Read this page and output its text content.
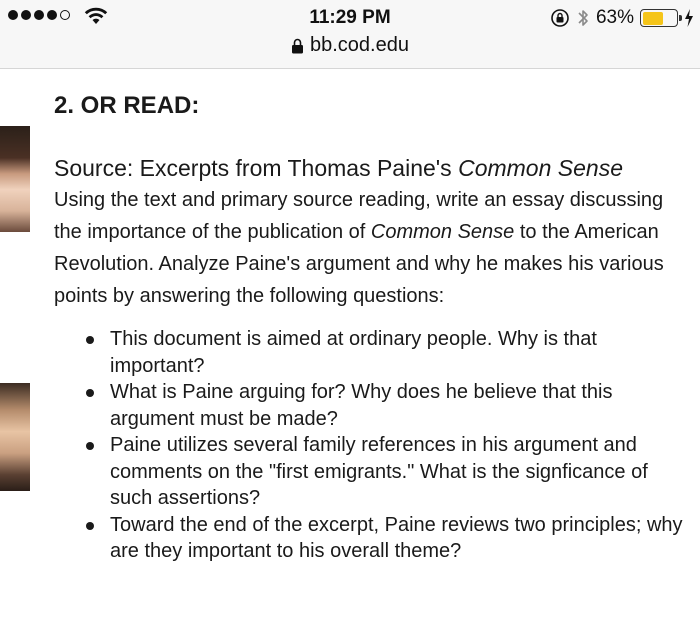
11:29 PM	63%
bb.cod.edu
2. OR READ:
Source: Excerpts from Thomas Paine's Common Sense

Using the text and primary source reading, write an essay discussing the importance of the publication of Common Sense to the American Revolution. Analyze Paine's argument and why he makes his various points by answering the following questions:

This document is aimed at ordinary people. Why is that important?
What is Paine arguing for? Why does he believe that this argument must be made?
Paine utilizes several family references in his argument and comments on the "first emigrants." What is the signficance of such assertions?
Toward the end of the excerpt, Paine reviews two principles; why are they important to his overall theme?
